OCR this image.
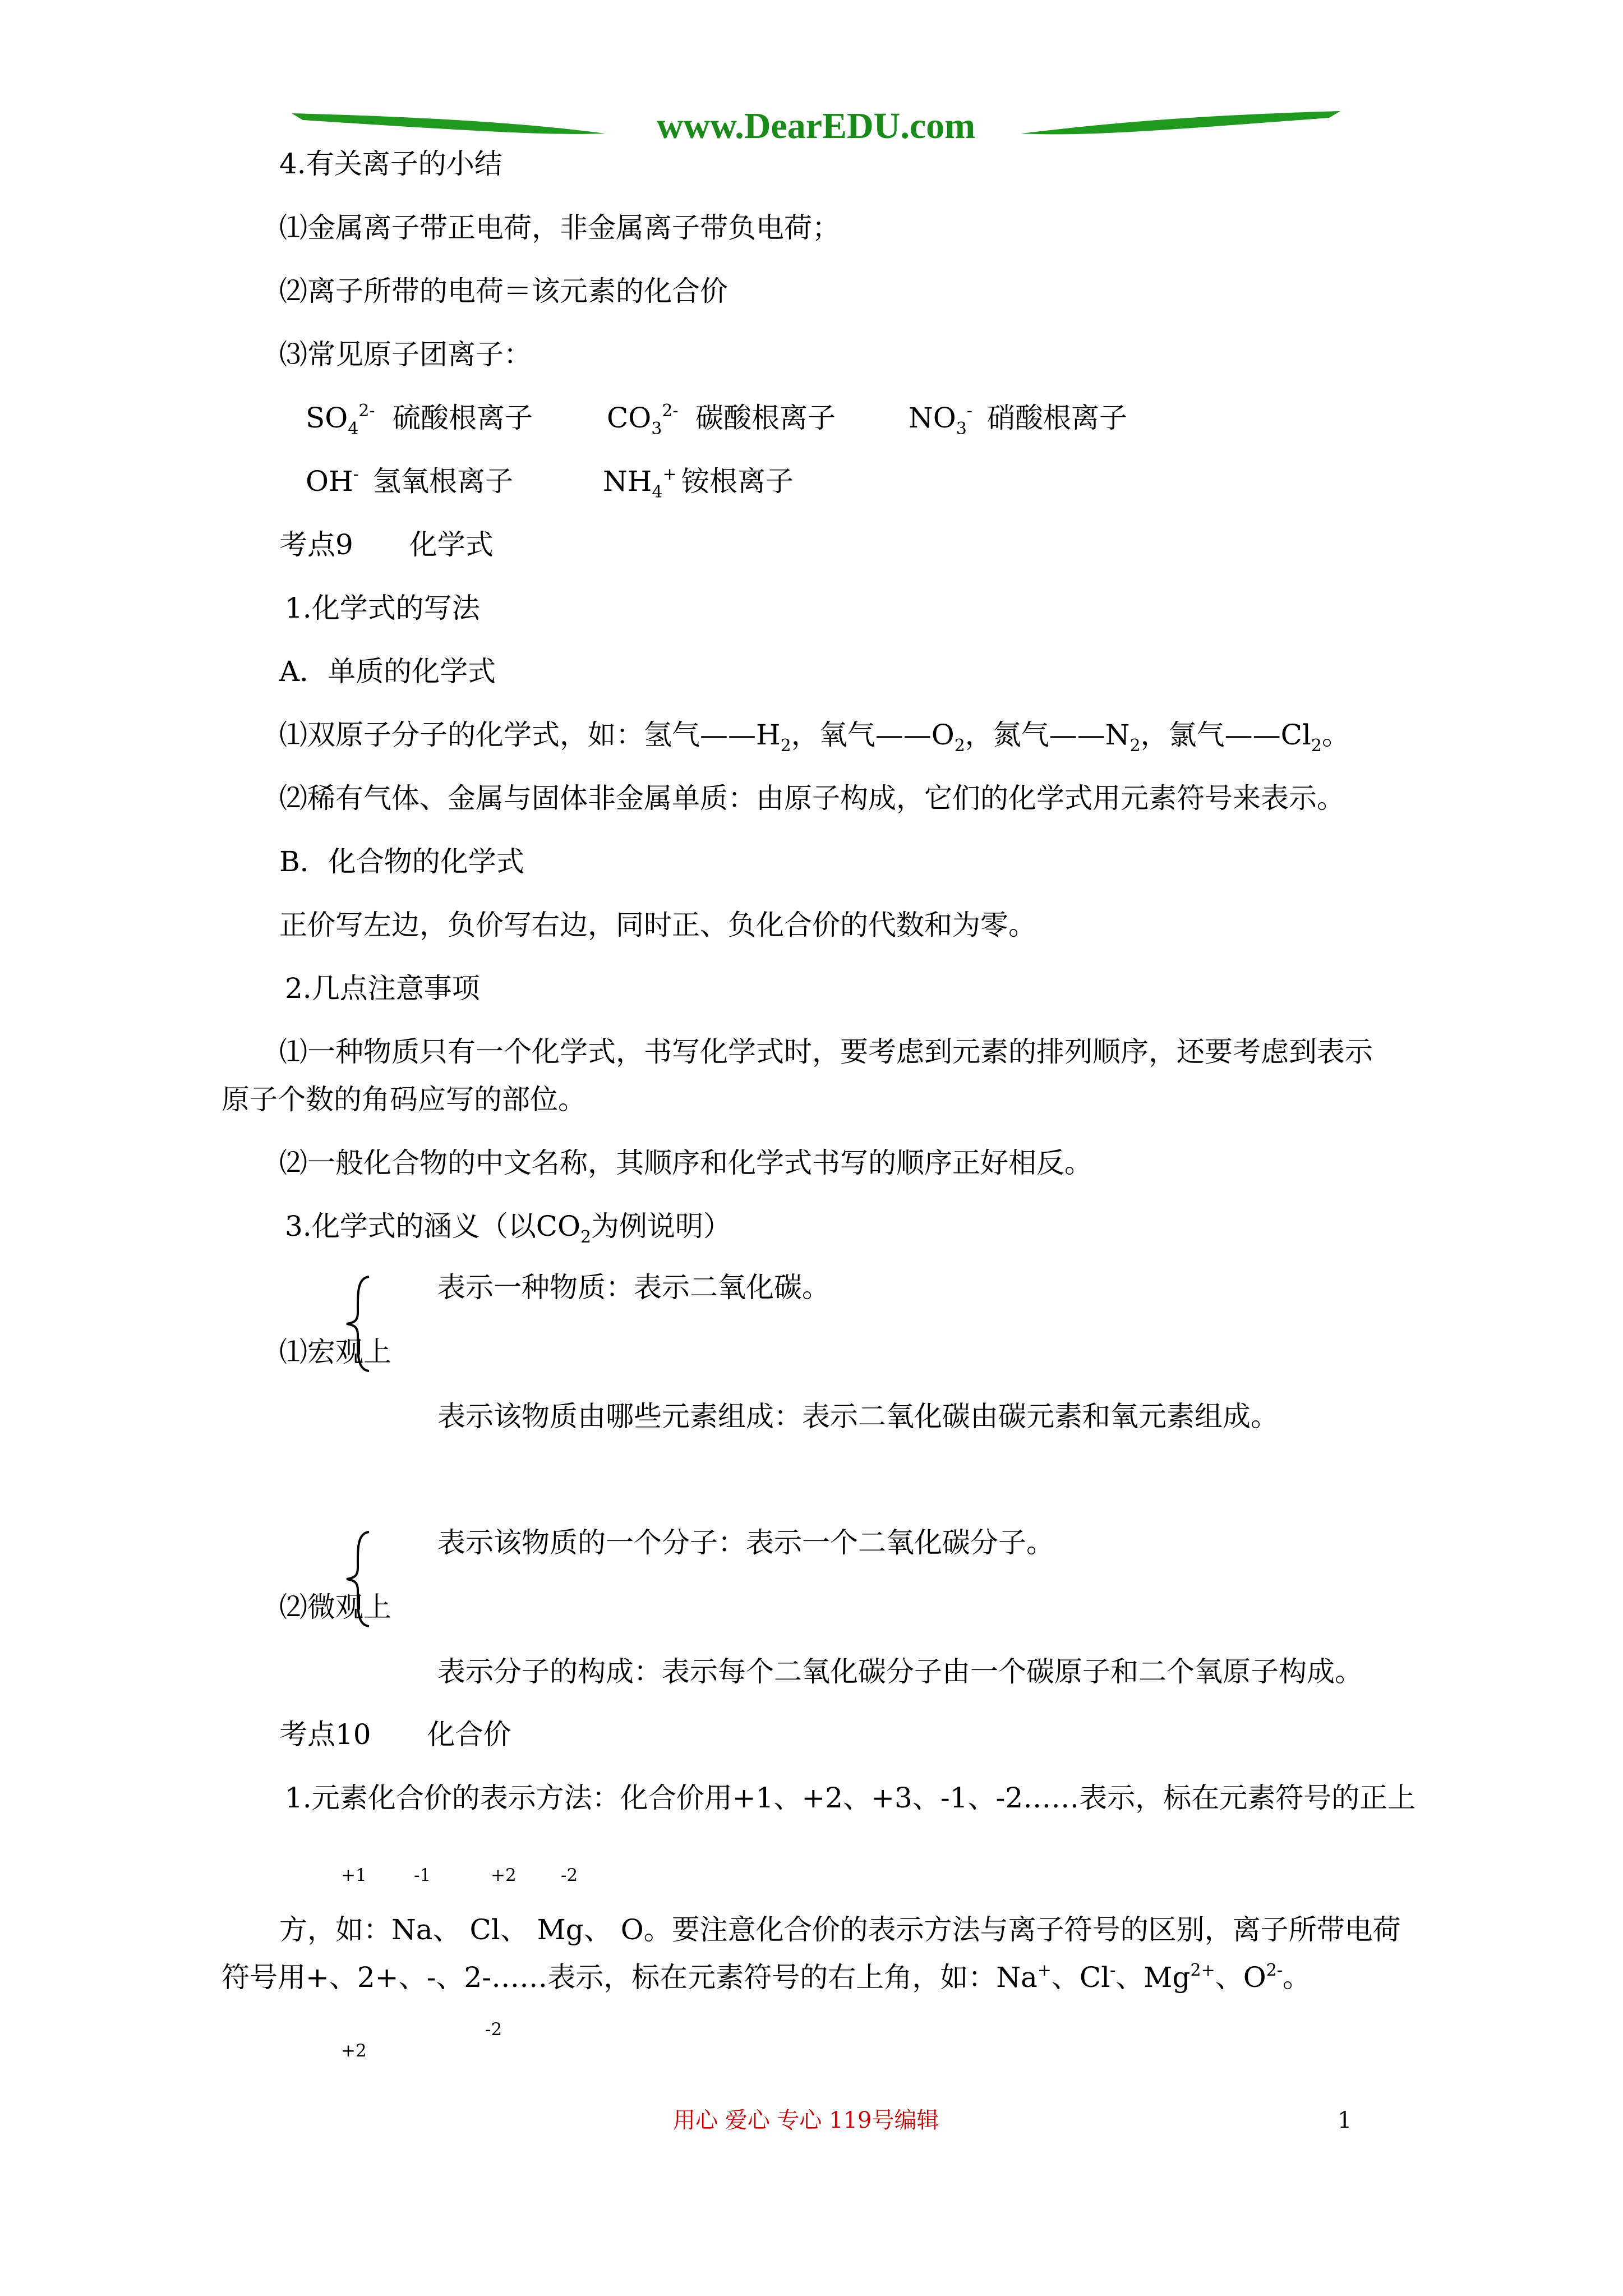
www.DearEDU.com
4.有关离子的小结
⑴金属离子带正电荷，非金属离子带负电荷；
⑵离子所带的电荷＝该元素的化合价
⑶常见原子团离子：
$SO_4^{2-}$ 硫酸根离子	$CO_3^{2-}$ 碳酸根离子	$NO_3^-$ 硝酸根离子
OH- 氢氧根离子	$NH_4^+$ 铵根离子
考点9　　化学式
1.化学式的写法
A．单质的化学式
⑴双原子分子的化学式，如：氢气$——H_2$，氧气$——O_2$，氮气$——N_2$，氯气$——Cl_2$。
⑵稀有气体、金属与固体非金属单质：由原子构成，它们的化学式用元素符号来表示。
B．化合物的化学式
正价写左边，负价写右边，同时正、负化合价的代数和为零。
2.几点注意事项
⑴一种物质只有一个化学式，书写化学式时，要考虑到元素的排列顺序，还要考虑到表示
原子个数的角码应写的部位。
⑵一般化合物的中文名称，其顺序和化学式书写的顺序正好相反。
3.化学式的涵义（以$CO_2$为例说明）
表示一种物质：表示二氧化碳。
⑴宏观上
表示该物质由哪些元素组成：表示二氧化碳由碳元素和氧元素组成。
表示该物质的一个分子：表示一个二氧化碳分子。
⑵微观上
表示分子的构成：表示每个二氧化碳分子由一个碳原子和二个氧原子构成。
考点10　　化合价
1.元素化合价的表示方法：化合价用+1、+2、+3、-1、-2……表示，标在元素符号的正上
+1	-1	+2	-2
方，如：Na、 Cl、 Mg、 O。要注意化合价的表示方法与离子符号的区别，离子所带电荷
符号用+、2+、-、2-……表示，标在元素符号的右上角，如：Na+、Cl-、$Mg^{2+}$、$O^{2-}$。
-2
+2
用心 爱心 专心 119号编辑	1
